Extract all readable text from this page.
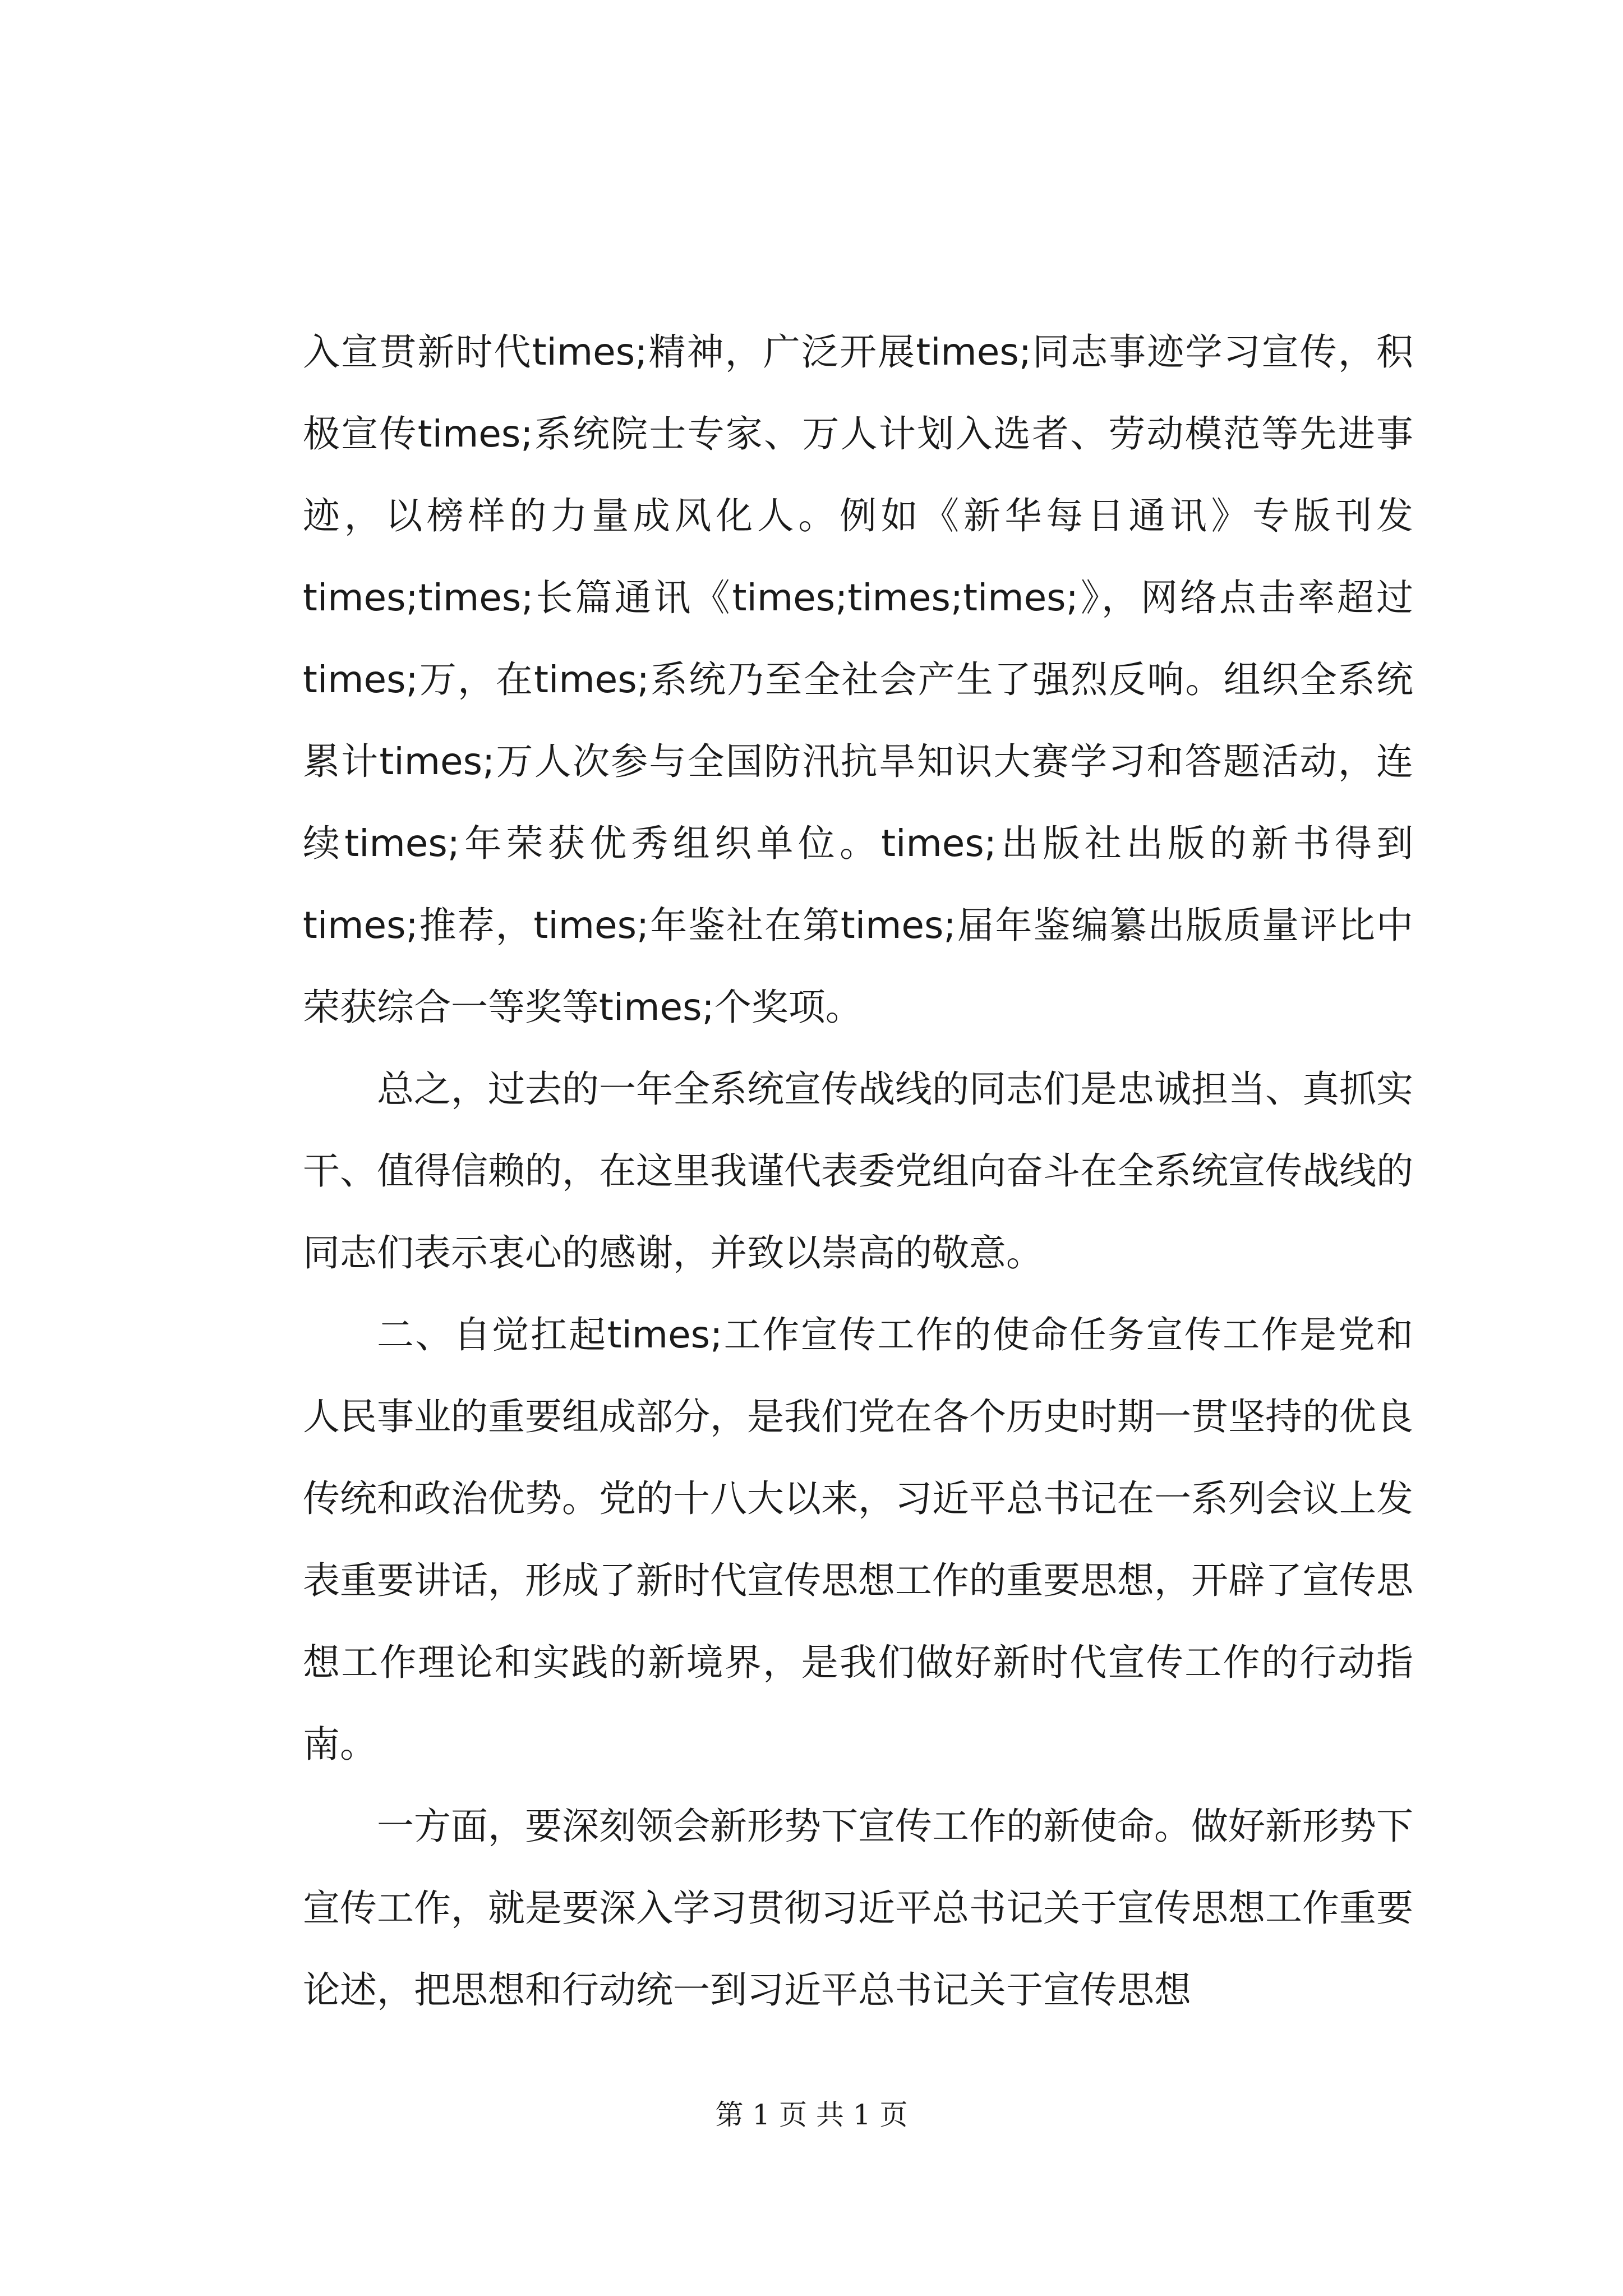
入宣贯新时代times;精神，广泛开展times;同志事迹学习宣传，积极宣传times;系统院士专家、万人计划入选者、劳动模范等先进事迹，以榜样的力量成风化人。例如《新华每日通讯》专版刊发times;times;长篇通讯《times;times;times;》，网络点击率超过times;万，在times;系统乃至全社会产生了强烈反响。组织全系统累计times;万人次参与全国防汛抗旱知识大赛学习和答题活动，连续times;年荣获优秀组织单位。times;出版社出版的新书得到times;推荐，times;年鉴社在第times;届年鉴编纂出版质量评比中荣获综合一等奖等times;个奖项。

总之，过去的一年全系统宣传战线的同志们是忠诚担当、真抓实干、值得信赖的，在这里我谨代表委党组向奋斗在全系统宣传战线的同志们表示衷心的感谢，并致以崇高的敬意。

二、自觉扛起times;工作宣传工作的使命任务宣传工作是党和人民事业的重要组成部分，是我们党在各个历史时期一贯坚持的优良传统和政治优势。党的十八大以来，习近平总书记在一系列会议上发表重要讲话，形成了新时代宣传思想工作的重要思想，开辟了宣传思想工作理论和实践的新境界，是我们做好新时代宣传工作的行动指南。

一方面，要深刻领会新形势下宣传工作的新使命。做好新形势下宣传工作，就是要深入学习贯彻习近平总书记关于宣传思想工作重要论述，把思想和行动统一到习近平总书记关于宣传思想

第 1 页 共 1 页
